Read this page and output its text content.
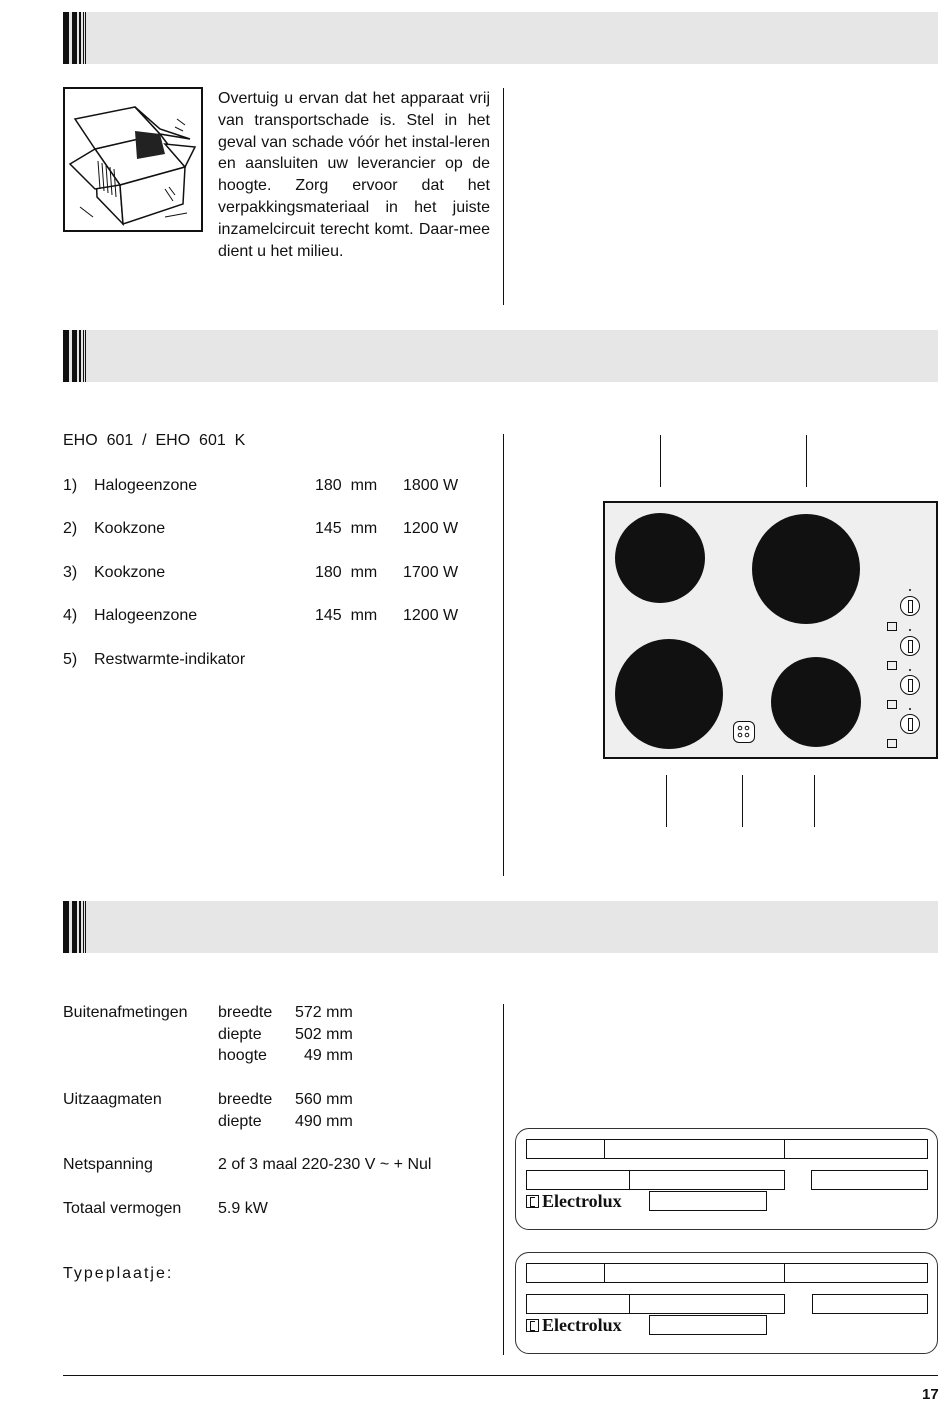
Overtuig u ervan dat het apparaat vrij van transportschade is. Stel in het geval van schade vóór het instal-leren en aansluiten uw leverancier op de hoogte. Zorg ervoor dat het verpakkingsmateriaal in het juiste inzamelcircuit terecht komt. Daar-mee dient u het milieu.
EHO  601  /  EHO  601  K
1) Halogeenzone	180  mm 1800 W
2) Kookzone	145  mm 1200 W
3) Kookzone	180  mm 1700 W
4) Halogeenzone	145  mm 1200 W
5) Restwarmte-indikator
Buitenafmetingen breedte 572 mm
diepte 502 mm
hoogte 49 mm
Uitzaagmaten	breedte 560 mm
diepte 490 mm
Netspanning	2 of 3 maal 220-230 V ~ + Nul
Totaal vermogen 5.9 kW
Typeplaatje:
Electrolux
Electrolux
17
